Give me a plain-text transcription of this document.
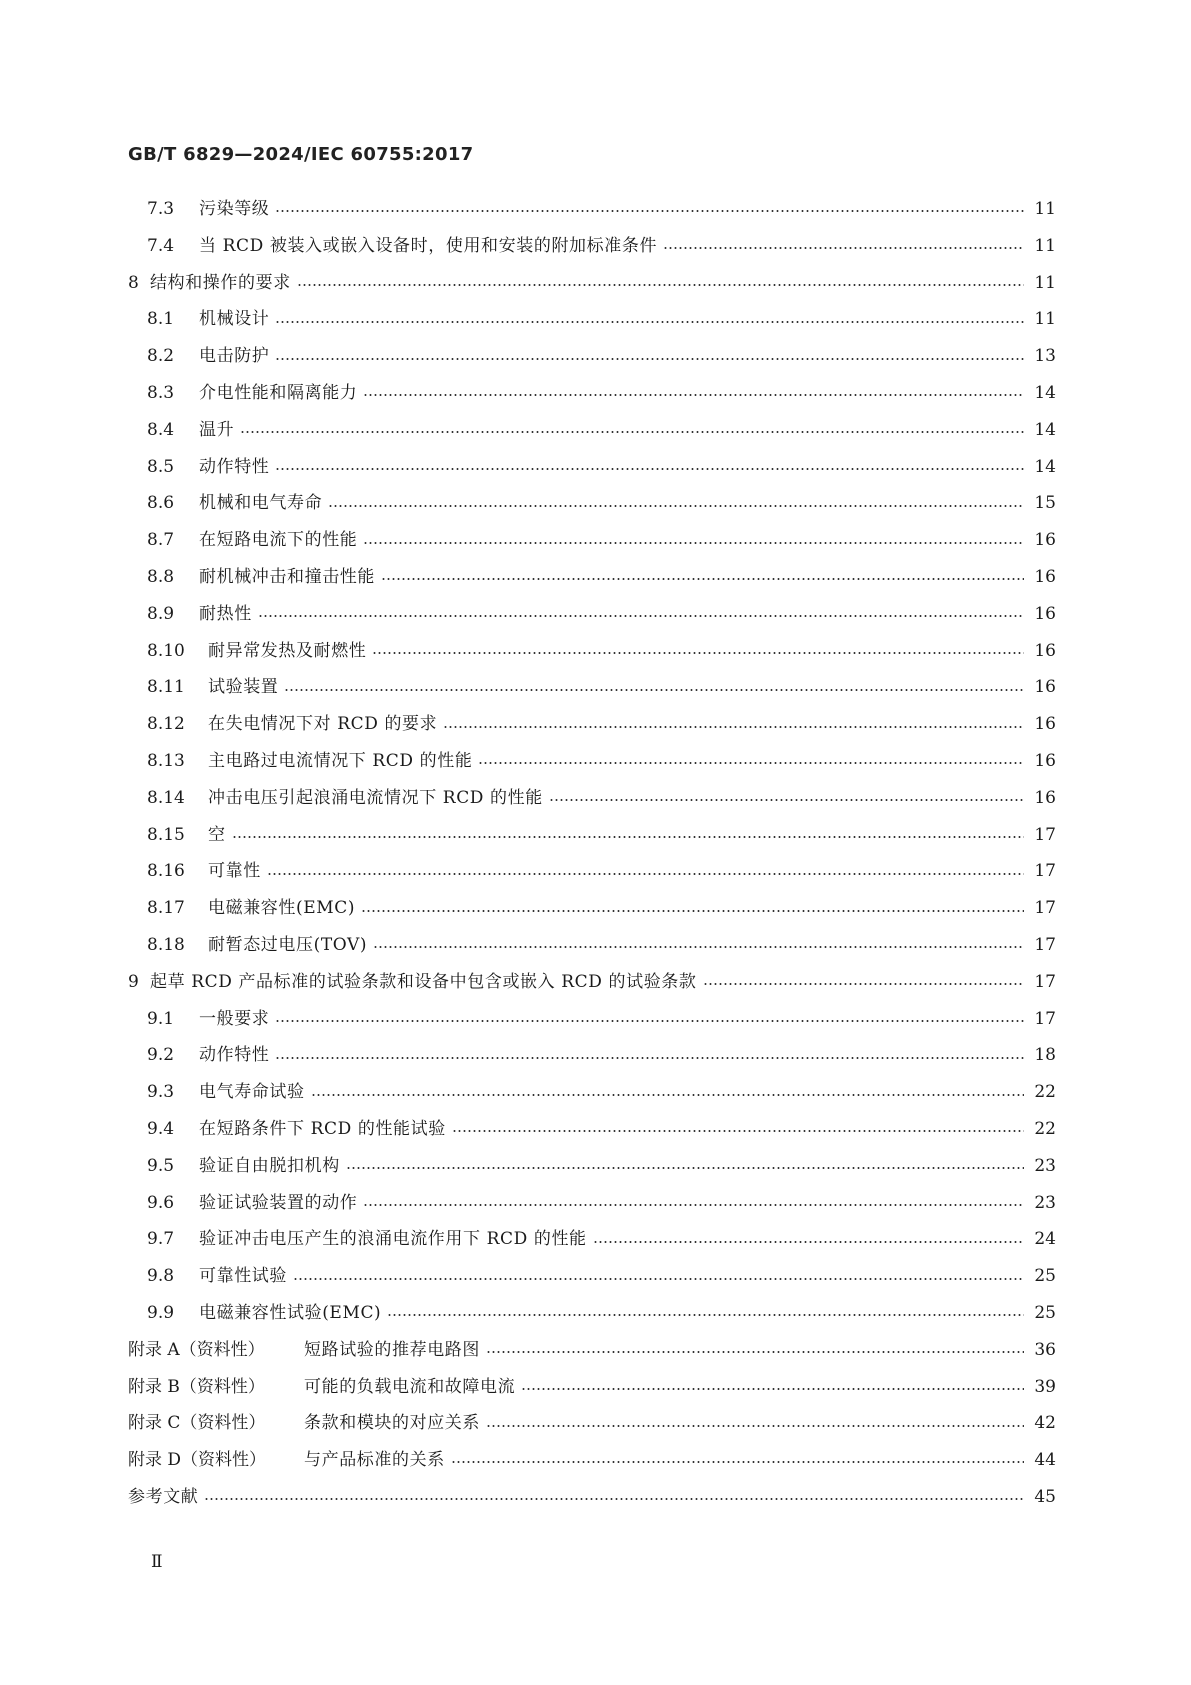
GB/T 6829—2024/IEC 60755:2017
7.3	污染等级	11
7.4	当 RCD 被装入或嵌入设备时，使用和安装的附加标准条件	11
8 结构和操作的要求	11
8.1	机械设计	11
8.2	电击防护	13
8.3	介电性能和隔离能力	14
8.4	温升	14
8.5	动作特性	14
8.6	机械和电气寿命	15
8.7	在短路电流下的性能	16
8.8	耐机械冲击和撞击性能	16
8.9	耐热性	16
8.10	耐异常发热及耐燃性	16
8.11	试验装置	16
8.12	在失电情况下对 RCD 的要求	16
8.13	主电路过电流情况下 RCD 的性能	16
8.14	冲击电压引起浪涌电流情况下 RCD 的性能	16
8.15	空	17
8.16	可靠性	17
8.17	电磁兼容性(EMC)	17
8.18	耐暂态过电压(TOV)	17
9 起草 RCD 产品标准的试验条款和设备中包含或嵌入 RCD 的试验条款	17
9.1	一般要求	17
9.2	动作特性	18
9.3	电气寿命试验	22
9.4	在短路条件下 RCD 的性能试验	22
9.5	验证自由脱扣机构	23
9.6	验证试验装置的动作	23
9.7	验证冲击电压产生的浪涌电流作用下 RCD 的性能	24
9.8	可靠性试验	25
9.9	电磁兼容性试验(EMC)	25
附录 A（资料性）	短路试验的推荐电路图	36
附录 B（资料性）	可能的负载电流和故障电流	39
附录 C（资料性）	条款和模块的对应关系	42
附录 D（资料性）	与产品标准的关系	44
参考文献	45
Ⅱ
